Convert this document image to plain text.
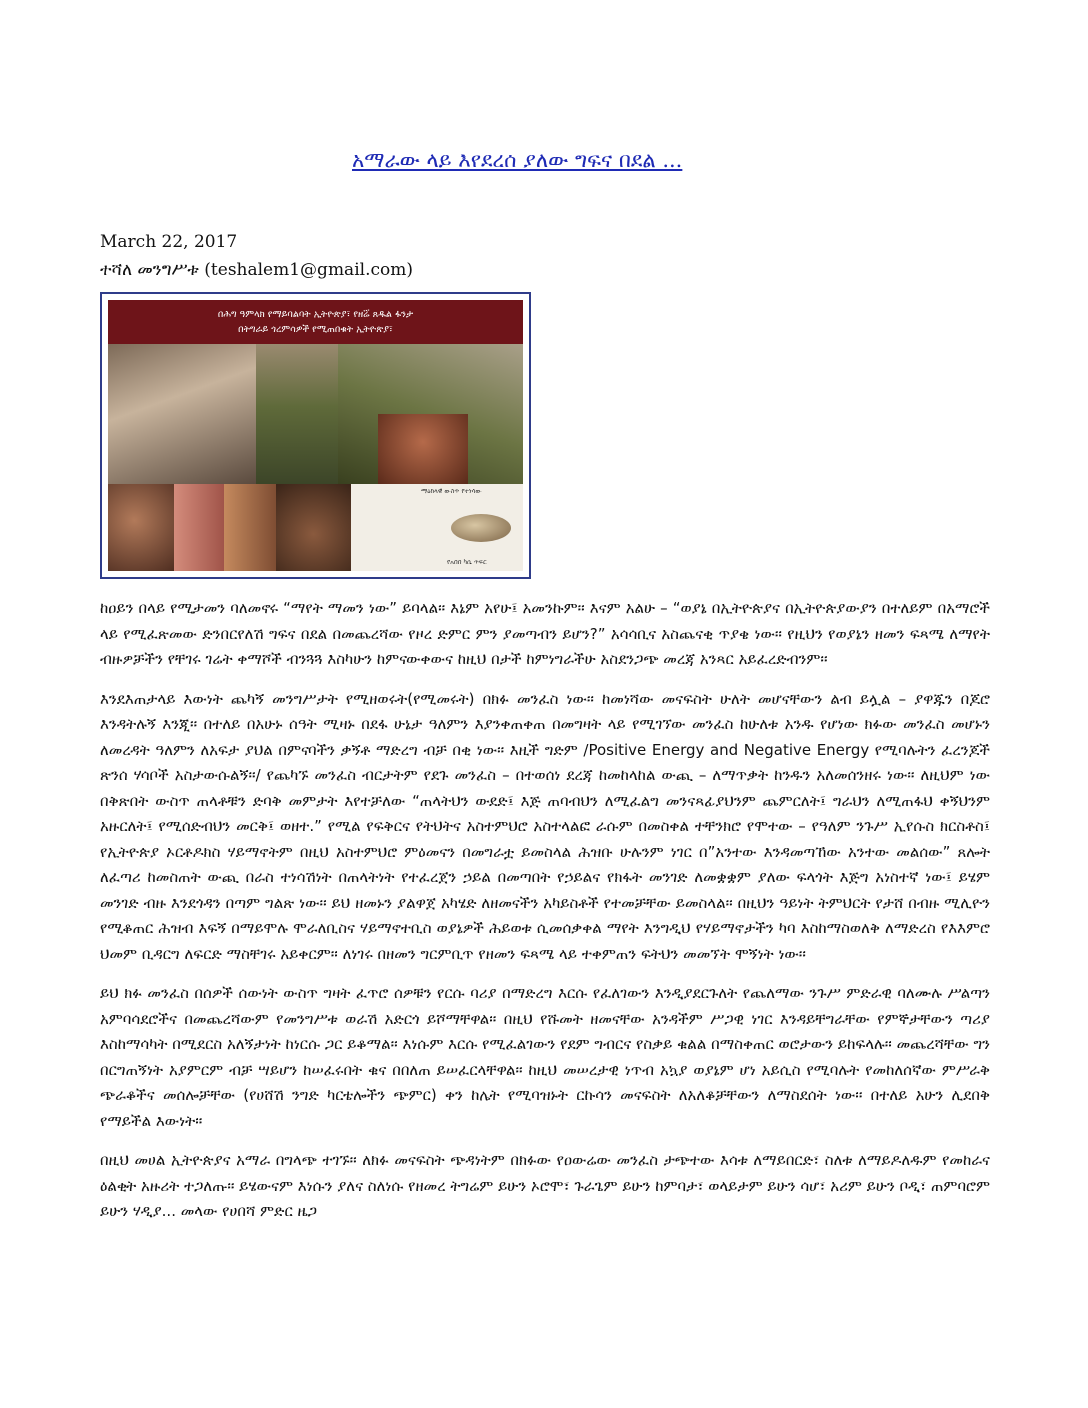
አማራው ላይ እየደረሰ ያለው ግፍና በደል ...
March 22, 2017
ተሻለ መንግሥቱ (teshalem1@gmail.com)
በሕግ ዓምላክ የማይባልባት ኢትዮጵያ፣ የዘሬ፝ ጸዱል ፋንታ
በትግራይ ጎረምሳዎች የሚጠበቁት ኢትዮጵያ፣
ማዕከላዊ ውስጥ የተነሳው
የአበበ ካሴ ጥፍር

ከዐይን በላይ የሚታመን ባለመኖሩ “ማየት ማመን ነው” ይባላል፡፡ እኔም አየሁ፤ አመንኩም፡፡ እናም አልሁ – “ወያኔ በኢትዮጵያና በኢትዮጵያውያን በተለይም በአማሮች ላይ የሚፈጽመው ድንበርየለሽ ግፍና በደል በመጨረሻው የዞረ ድምር ምን ያመጣብን ይሆን?” አሳሳቢና አስጨናቂ ጥያቄ ነው፡፡ የዚህን የወያኔን ዘመን ፍጻሜ ለማየት ብዙዎቻችን የቸገሩ ገሬት ቀማሾች ብንጓጓ እስካሁን ከምናውቀውና ከዚህ በታች ከምነግራችሁ አስደንጋጭ መረጃ አንጻር አይፈረድብንም፡፡

እንደእጠታላይ እውነት ጨካኝ መንግሥታት የሚዘወሩት(የሚመሩት) በክፉ መንፈስ ነው፡፡ ከመነሻው መናፍስት ሁለት መሆናቸውን ልብ ይሏል – ያዋጁን በጆሮ እንዳትሉኝ እንጂ፡፡ በተለይ በአሁኑ ሰዓት ሚዛኑ በደፋ ሁኔታ ዓለምን እያንቀጠቀጠ በመግዛት ላይ የሚገኘው መንፈስ ከሁለቱ አንዱ የሆነው ክፉው መንፈስ መሆኑን ለመረዳት ዓለምን ለአፍታ ያህል በምናባችን ቃኝቶ ማድረግ ብቻ በቂ ነው፡፡ እዚች ግድም /Positive Energy and Negative Energy የሚባሉትን ፈረንጆች ጽንሰ ሃሳቦች አስታውሱልኝ፡፡/ የጨካኙ መንፈስ ብርታትም የደጉ መንፈስ – በተወሰነ ደረጃ ከመከላከል ውጪ – ለማጥቃት ከንዱን አለመሰንዘሩ ነው፡፡ ለዚህም ነው በቅጽበት ውስጥ ጠላቶቹን ድባቅ መምታት እየተቻለው “ጠላትህን ውደድ፤ እጅ ጠባብህን ለሚፈልግ መንናጻፊያህንም ጨምርለት፤ ግራህን ለሚጠፋህ ቀኝህንም አዙርለት፤ የሚሰድብህን መርቅ፤ ወዘተ.” የሚል የፍቅርና የትህትና አስተምህሮ አስተላልፎ ራሱም በመስቀል ተቸንክሮ የሞተው – የዓለም ንጉሥ ኢየሱስ ክርስቶስ፤ የኢትዮጵያ ኦርቶዶክስ ሃይማኖትም በዚህ አስተምህሮ ምዕመናን በመግራቷ ይመስላል ሕዝቡ ሁሉንም ነገር በ”አንተው እንዳመጣኸው አንተው መልሰው” ጸሎት ለፈጣሪ ከመስጠት ውጪ በራስ ተነሳሽነት በጠላትነት የተፈረጀን ኃይል በመጣበት የኃይልና የክፋት መንገድ ለመቋቋም ያለው ፍላጎት እጅግ አነስተኛ ነው፤ ይሄም መንገድ ብዙ እንደጎዳን በጣም ግልጽ ነው፡፡ ይህ ዘመኑን ያልዋጀ አካሄድ ለዘመናችን አካይስቶች የተመቻቸው ይመስላል፡፡ በዚህን ዓይነት ትምህርት የታሸ በብዙ ሚሊዮን የሚቆጠር ሕዝብ እፍኝ በማይሞሉ ሞራለቢስና ሃይማኖተቢስ ወያኔዎች ሕይወቱ ሲመሰቃቀል ማየት እንግዲህ የሃይማኖታችን ካባ እስከማስወለቅ ለማድረስ የእእምሮ ህመም ቢዳርግ ለፍርድ ማስቸገሩ አይቀርም፡፡ ለነገሩ በዘመን ግርምቢጥ የዘመን ፍጻሜ ላይ ተቀምጠን ፍትህን መመኘት ሞኝነት ነው፡፡

ይህ ክፉ መንፈስ በሰዎች ሰውነት ውስጥ ግዛት ፈጥሮ ሰዎቹን የርሱ ባሪያ በማድረግ እርሱ የፈለገውን እንዲያደርጉለት የጨለማው ንጉሥ ምድራዊ ባለሙሉ ሥልጣን አምባሳደሮችና በመጨረሻውም የመንግሥቱ ወራሽ አድርጎ ይሾማቸዋል፡፡ በዚህ የሹመት ዘመናቸው አንዳችም ሥጋዊ ነገር እንዳይቸግራቸው የምኞታቸውን ጣሪያ እስከማሳካት በሚደርስ አለኝታነት ከነርሱ ጋር ይቆማል፡፡ እነሱም እርሱ የሚፈልገውን የደም ግብርና የስቃይ ቁልል በማስቀጠር ወሮታውን ይከፍላሉ፡፡ መጨረሻቸው ግን በርግጠኝነት አያምርም ብቻ ሣይሆን ከሠፈሩበት ቁና በበለጠ ይሠፈርላቸዋል፡፡ ከዚህ መሠረታዊ ነጥብ አኳያ ወያኔም ሆነ አይሲስ የሚባሉት የመከለሰኛው ምሥራቅ ጭራቆችና መሰሎቻቸው (የሀሸሽ ንግድ ካርቴሎችን ጭምር) ቀን ከሌት የሚባዝኑት ርኩሳን መናፍስት ለአለቆቻቸውን ለማስደሰት ነው፡፡ በተለይ አሁን ሊደበቅ የማይችል እውነት፡፡

በዚህ መሀል ኢትዮጵያና አማራ በግላጭ ተገኙ፡፡ ለክፉ መናፍስት ጭዳነትም በክፉው የዐውሬው መንፈስ ታጭተው እሳቱ ለማይበርድ፣ ስለቱ ለማይዶለዱም የመከራና ዕልቂት አዙሪት ተጋለጡ፡፡ ይሄውናም እነሱን ያለና ስለነሱ የዘመረ ትግሬም ይሁን ኦሮሞ፣ ጉራጌም ይሁን ከምባታ፣ ወላይታም ይሁን ሳሆ፣ አሪም ይሁን ቦዲ፣ ጠምባሮም ይሁን ሃዲያ... መላው የሀበሻ ምድር ዜጋ
